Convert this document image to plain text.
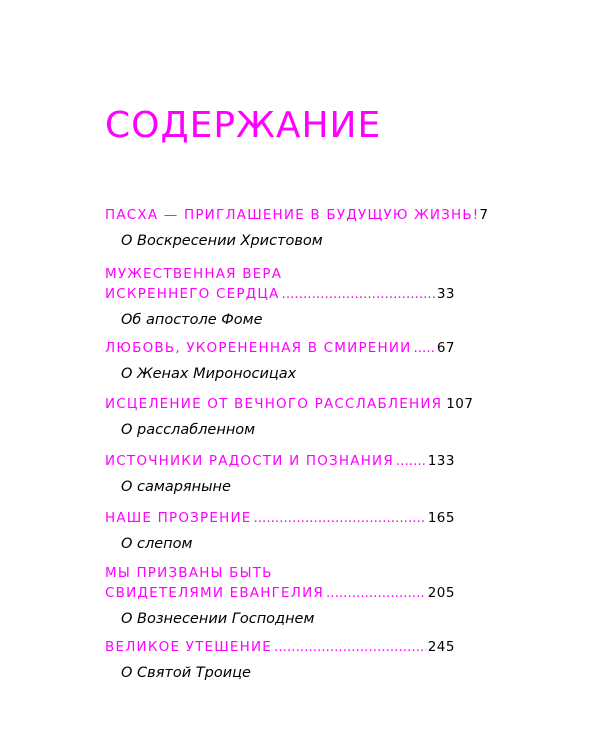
СОДЕРЖАНИЕ
ПАСХА — ПРИГЛАШЕНИЕ В БУДУЩУЮ ЖИЗНЬ! 7
О Воскресении Христовом
МУЖЕСТВЕННАЯ ВЕРА
ИСКРЕННЕГО СЕРДЦА .....	33
Об апостоле Фоме
ЛЮБОВЬ, УКОРЕНЕННАЯ В СМИРЕНИИ ..... 67
О Женах Мироносицах
ИСЦЕЛЕНИЕ ОТ ВЕЧНОГО РАССЛАБЛЕНИЯ 107
О расслабленном
ИСТОЧНИКИ РАДОСТИ И ПОЗНАНИЯ .....	133
О самаряныне
НАШЕ ПРОЗРЕНИЕ .....	165
О слепом
МЫ ПРИЗВАНЫ БЫТЬ
СВИДЕТЕЛЯМИ ЕВАНГЕЛИЯ .....	205
О Вознесении Господнем
ВЕЛИКОЕ УТЕШЕНИЕ .....	245
О Святой Троице
